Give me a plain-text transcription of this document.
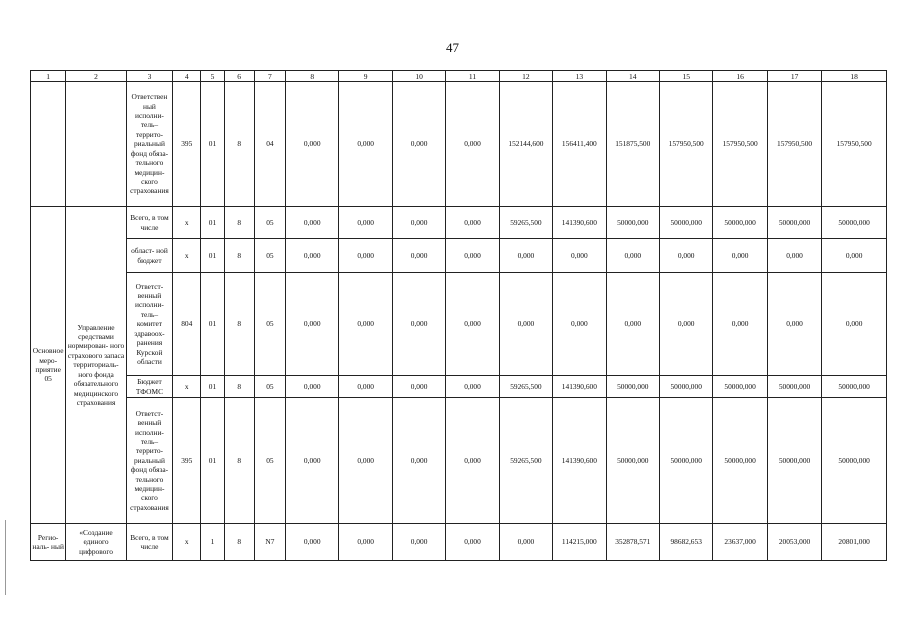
47
1	2	3	4	5	6	7	8	9	10	11	12	13	14	15	16	17	18
		Ответствен ный исполни- тель– террито- риальный фонд обяза- тельного медицин- ского страхования	395	01	8	04	0,000	0,000	0,000	0,000	152144,600	156411,400	151875,500	157950,500	157950,500	157950,500	157950,500
Основное меро- приятие 05	Управление средствами нормирован- ного страхового запаса территориаль- ного фонда обязательного медицинского страхования	Всего, в том числе	х	01	8	05	0,000	0,000	0,000	0,000	59265,500	141390,600	50000,000	50000,000	50000,000	50000,000	50000,000
		област- ной бюджет	х	01	8	05	0,000	0,000	0,000	0,000	0,000	0,000	0,000	0,000	0,000	0,000	0,000
		Ответст- венный исполни- тель– комитет здравоох- ранения Курской области	804	01	8	05	0,000	0,000	0,000	0,000	0,000	0,000	0,000	0,000	0,000	0,000	0,000
		Бюджет ТФОМС	х	01	8	05	0,000	0,000	0,000	0,000	59265,500	141390,600	50000,000	50000,000	50000,000	50000,000	50000,000
		Ответст- венный исполни- тель– террито- риальный фонд обяза- тельного медицин- ского страхования	395	01	8	05	0,000	0,000	0,000	0,000	59265,500	141390,600	50000,000	50000,000	50000,000	50000,000	50000,000
Регио- наль- ный	«Создание единого цифрового	Всего, в том числе	х	1	8	N7	0,000	0,000	0,000	0,000	0,000	114215,000	352878,571	98682,653	23637,000	20053,000	20801,000
